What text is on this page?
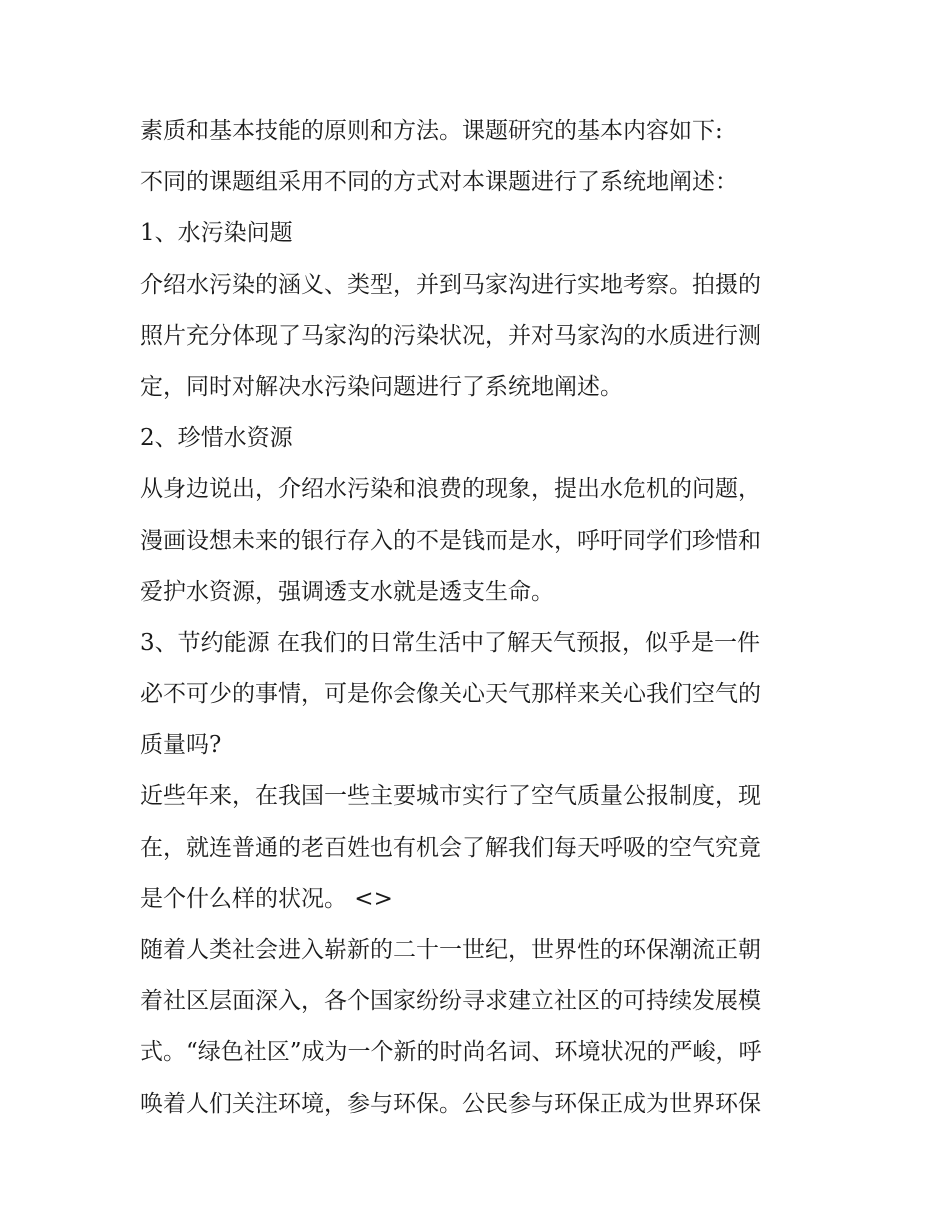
素质和基本技能的原则和方法。课题研究的基本内容如下:
不同的课题组采用不同的方式对本课题进行了系统地阐述：
1、水污染问题
介绍水污染的涵义、类型，并到马家沟进行实地考察。拍摄的
照片充分体现了马家沟的污染状况，并对马家沟的水质进行测
定，同时对解决水污染问题进行了系统地阐述。
2、珍惜水资源
从身边说出，介绍水污染和浪费的现象，提出水危机的问题，
漫画设想未来的银行存入的不是钱而是水，呼吁同学们珍惜和
爱护水资源，强调透支水就是透支生命。
3、节约能源 在我们的日常生活中了解天气预报，似乎是一件
必不可少的事情，可是你会像关心天气那样来关心我们空气的
质量吗?
近些年来，在我国一些主要城市实行了空气质量公报制度，现
在，就连普通的老百姓也有机会了解我们每天呼吸的空气究竟
是个什么样的状况。 <>
随着人类社会进入崭新的二十一世纪，世界性的环保潮流正朝
着社区层面深入，各个国家纷纷寻求建立社区的可持续发展模
式。“绿色社区”成为一个新的时尚名词、环境状况的严峻，呼
唤着人们关注环境，参与环保。公民参与环保正成为世界环保
